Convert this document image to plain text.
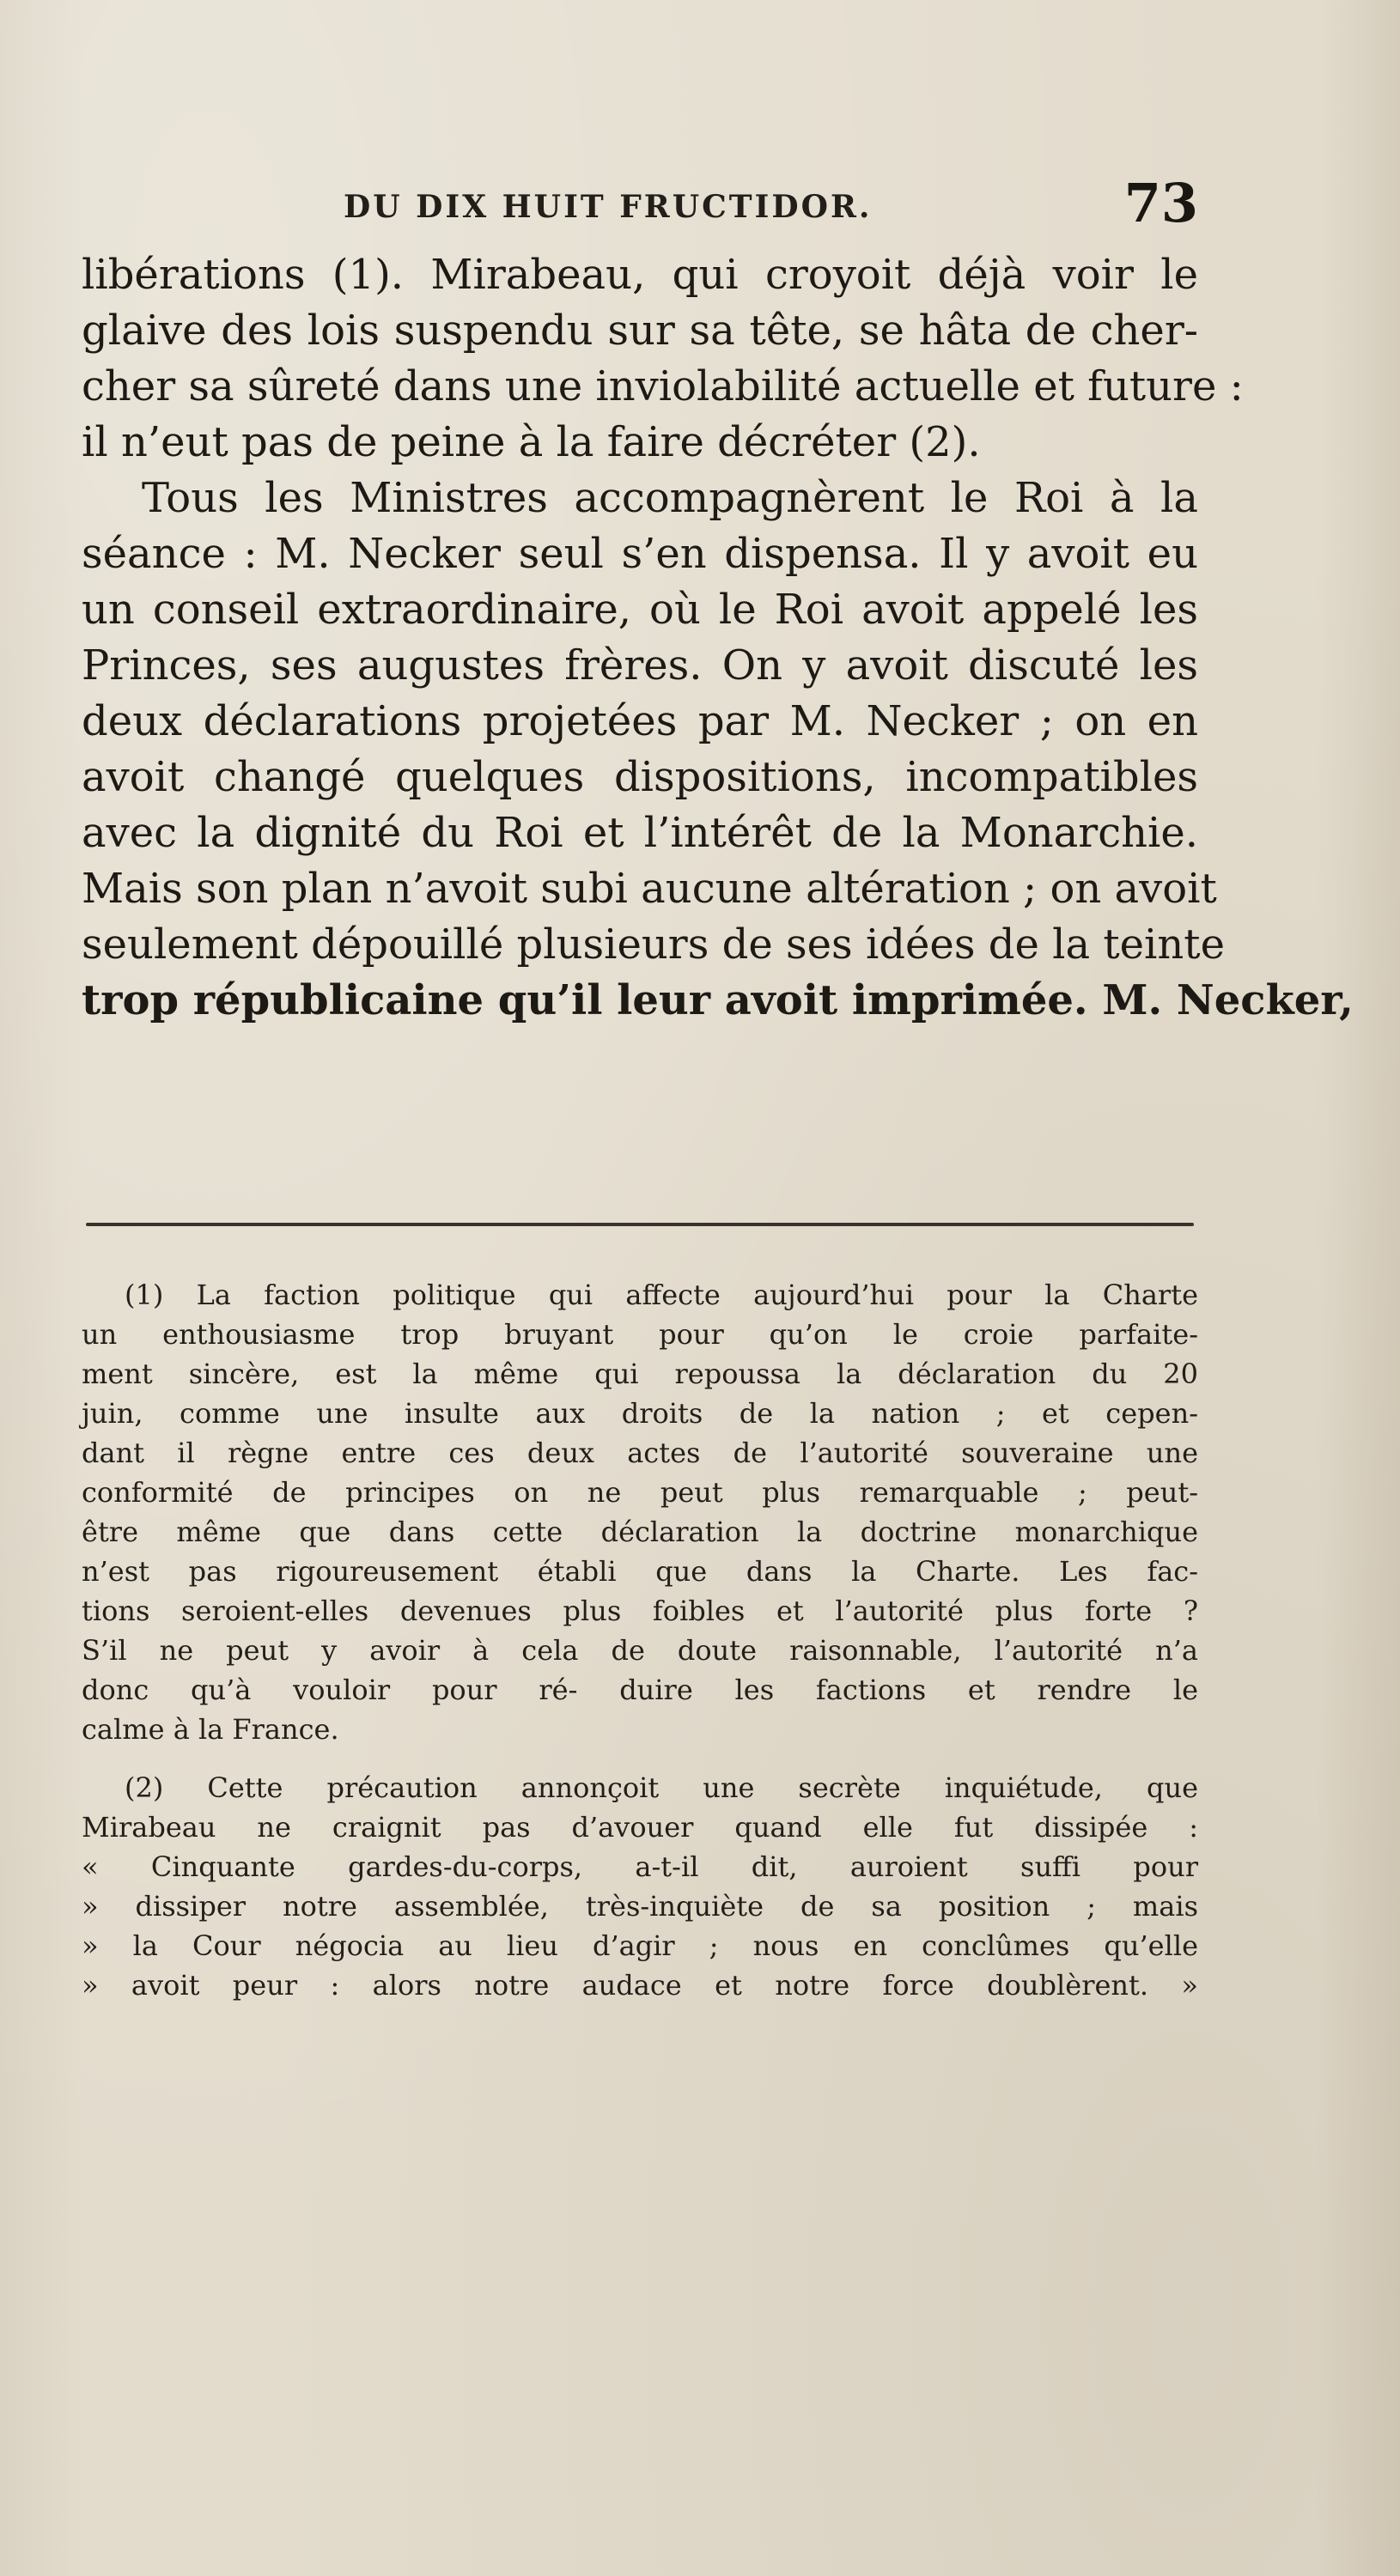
DU DIX HUIT FRUCTIDOR.	73
libérations (1). Mirabeau, qui croyoit déjà voir le
glaive des lois suspendu sur sa tête, se hâta de cher-
cher sa sûreté dans une inviolabilité actuelle et future :
il n’eut pas de peine à la faire décréter (2).
Tous les Ministres accompagnèrent le Roi à la
séance : M. Necker seul s’en dispensa. Il y avoit eu
un conseil extraordinaire, où le Roi avoit appelé les
Princes, ses augustes frères. On y avoit discuté les
deux déclarations projetées par M. Necker ; on en
avoit changé quelques dispositions, incompatibles
avec la dignité du Roi et l’intérêt de la Monarchie.
Mais son plan n’avoit subi aucune altération ; on avoit
seulement dépouillé plusieurs de ses idées de la teinte
trop républicaine qu’il leur avoit imprimée. M. Necker,
(1) La faction politique qui affecte aujourd’hui pour la Charte
un enthousiasme trop bruyant pour qu’on le croie parfaite-
ment sincère, est la même qui repoussa la déclaration du 20
juin, comme une insulte aux droits de la nation ; et cepen-
dant il règne entre ces deux actes de l’autorité souveraine une
conformité de principes on ne peut plus remarquable ; peut-
être même que dans cette déclaration la doctrine monarchique
n’est pas rigoureusement établi que dans la Charte. Les fac-
tions seroient-elles devenues plus foibles et l’autorité plus forte ?
S’il ne peut y avoir à cela de doute raisonnable, l’autorité n’a
donc qu’à vouloir pour ré- duire les factions et rendre le
calme à la France.
(2) Cette précaution annonçoit une secrète inquiétude, que
Mirabeau ne craignit pas d’avouer quand elle fut dissipée :
« Cinquante gardes-du-corps, a-t-il dit, auroient suffi pour
» dissiper notre assemblée, très-inquiète de sa position ; mais
» la Cour négocia au lieu d’agir ; nous en conclûmes qu’elle
» avoit peur : alors notre audace et notre force doublèrent. »
